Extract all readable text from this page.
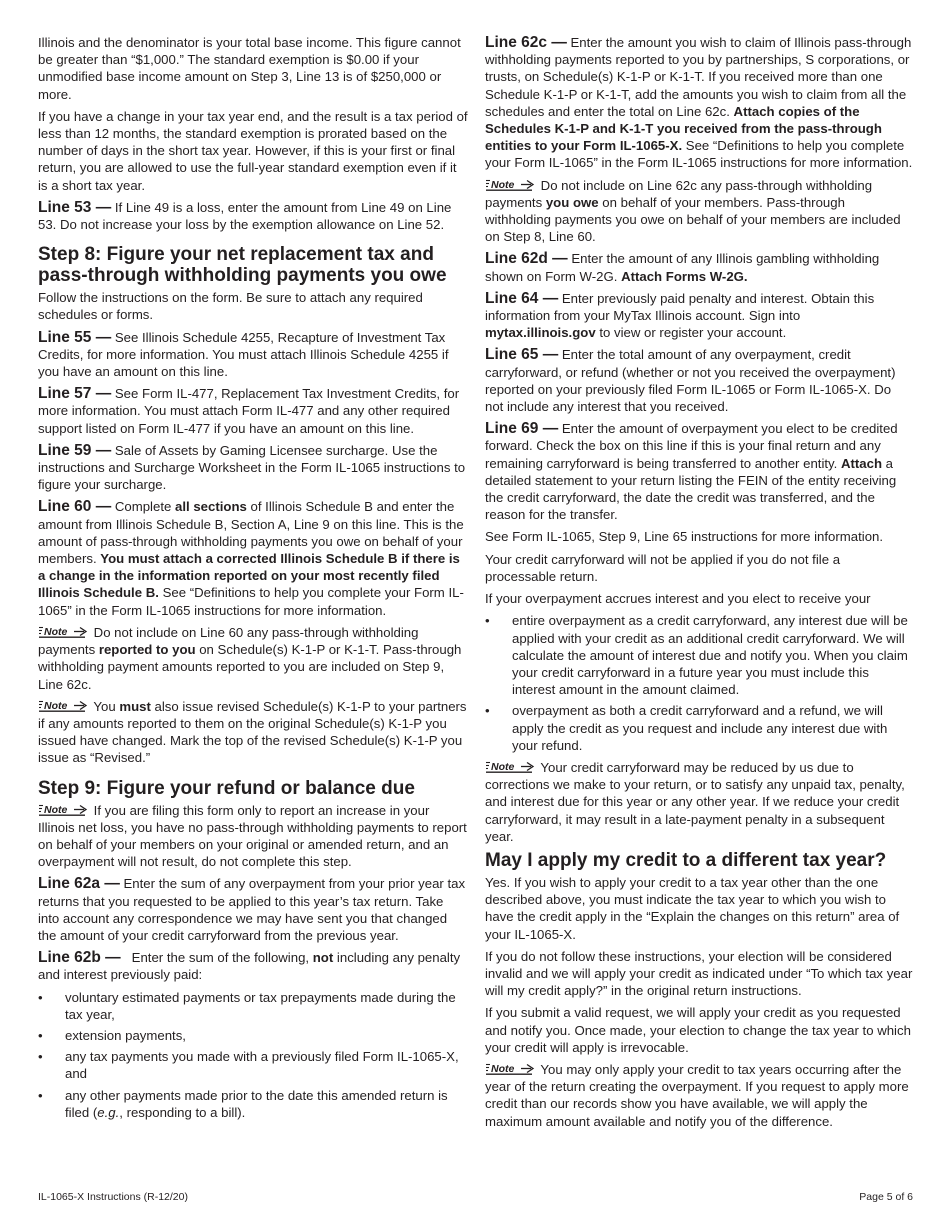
Illinois and the denominator is your total base income. This figure cannot be greater than “$1,000.” The standard exemption is $0.00 if your unmodified base income amount on Step 3, Line 13 is of $250,000 or more.

If you have a change in your tax year end, and the result is a tax period of less than 12 months, the standard exemption is prorated based on the number of days in the short tax year. However, if this is your first or final return, you are allowed to use the full-year standard exemption even if it is a short tax year.

Line 53 — If Line 49 is a loss, enter the amount from Line 49 on Line 53. Do not increase your loss by the exemption allowance on Line 52.

Step 8: Figure your net replacement tax and pass-through withholding payments you owe

Follow the instructions on the form. Be sure to attach any required schedules or forms.

Line 55 — See Illinois Schedule 4255, Recapture of Investment Tax Credits, for more information. You must attach Illinois Schedule 4255 if you have an amount on this line.

Line 57 — See Form IL-477, Replacement Tax Investment Credits, for more information. You must attach Form IL-477 and any other required support listed on Form IL-477 if you have an amount on this line.

Line 59 — Sale of Assets by Gaming Licensee surcharge. Use the instructions and Surcharge Worksheet in the Form IL-1065 instructions to figure your surcharge.

Line 60 — Complete all sections of Illinois Schedule B and enter the amount from Illinois Schedule B, Section A, Line 9 on this line. This is the amount of pass-through withholding payments you owe on behalf of your members. You must attach a corrected Illinois Schedule B if there is a change in the information reported on your most recently filed Illinois Schedule B. See “Definitions to help you complete your Form IL-1065” in the Form IL-1065 instructions for more information.

Do not include on Line 60 any pass-through withholding payments reported to you on Schedule(s) K-1-P or K-1-T. Pass-through withholding payment amounts reported to you are included on Step 9, Line 62c.

You must also issue revised Schedule(s) K-1-P to your partners if any amounts reported to them on the original Schedule(s) K-1-P you issued have changed. Mark the top of the revised Schedule(s) K-1-P you issue as “Revised.”

Step 9: Figure your refund or balance due

If you are filing this form only to report an increase in your Illinois net loss, you have no pass-through withholding payments to report on behalf of your members on your original or amended return, and an overpayment will not result, do not complete this step.

Line 62a — Enter the sum of any overpayment from your prior year tax returns that you requested to be applied to this year’s tax return. Take into account any correspondence we may have sent you that changed the amount of your credit carryforward from the previous year.

Line 62b —   Enter the sum of the following, not including any penalty and interest previously paid:

• voluntary estimated payments or tax prepayments made during the tax year,
• extension payments,
• any tax payments you made with a previously filed Form IL-1065-X, and
• any other payments made prior to the date this amended return is filed (e.g., responding to a bill).

Line 62c — Enter the amount you wish to claim of Illinois pass-through withholding payments reported to you by partnerships, S corporations, or trusts, on Schedule(s) K-1-P or K-1-T. If you received more than one Schedule K-1-P or K-1-T, add the amounts you wish to claim from all the schedules and enter the total on Line 62c. Attach copies of the Schedules K-1-P and K-1-T you received from the pass-through entities to your Form IL-1065-X. See “Definitions to help you complete your Form IL-1065” in the Form IL-1065 instructions for more information.

Do not include on Line 62c any pass-through withholding payments you owe on behalf of your members. Pass-through withholding payments you owe on behalf of your members are included on Step 8, Line 60.

Line 62d — Enter the amount of any Illinois gambling withholding shown on Form W-2G. Attach Forms W-2G.

Line 64 — Enter previously paid penalty and interest. Obtain this information from your MyTax Illinois account. Sign into mytax.illinois.gov to view or register your account.

Line 65 — Enter the total amount of any overpayment, credit carryforward, or refund (whether or not you received the overpayment) reported on your previously filed Form IL-1065 or Form IL-1065-X. Do not include any interest that you received.

Line 69 — Enter the amount of overpayment you elect to be credited forward. Check the box on this line if this is your final return and any remaining carryforward is being transferred to another entity. Attach a detailed statement to your return listing the FEIN of the entity receiving the credit carryforward, the date the credit was transferred, and the reason for the transfer.

See Form IL-1065, Step 9, Line 65 instructions for more information.

Your credit carryforward will not be applied if you do not file a processable return.

If your overpayment accrues interest and you elect to receive your

• entire overpayment as a credit carryforward, any interest due will be applied with your credit as an additional credit carryforward. We will calculate the amount of interest due and notify you. When you claim your credit carryforward in a future year you must include this interest amount in the amount claimed.
• overpayment as both a credit carryforward and a refund, we will apply the credit as you request and include any interest due with your refund.

Your credit carryforward may be reduced by us due to corrections we make to your return, or to satisfy any unpaid tax, penalty, and interest due for this year or any other year. If we reduce your credit carryforward, it may result in a late-payment penalty in a subsequent year.

May I apply my credit to a different tax year?

Yes. If you wish to apply your credit to a tax year other than the one described above, you must indicate the tax year to which you wish to have the credit apply in the “Explain the changes on this return” area of your IL-1065-X.

If you do not follow these instructions, your election will be considered invalid and we will apply your credit as indicated under “To which tax year will my credit apply?” in the original return instructions.

If you submit a valid request, we will apply your credit as you requested and notify you. Once made, your election to change the tax year to which your credit will apply is irrevocable.

You may only apply your credit to tax years occurring after the year of the return creating the overpayment. If you request to apply more credit than our records show you have available, we will apply the maximum amount available and notify you of the difference.

IL-1065-X Instructions (R-12/20)	Page 5 of 6
